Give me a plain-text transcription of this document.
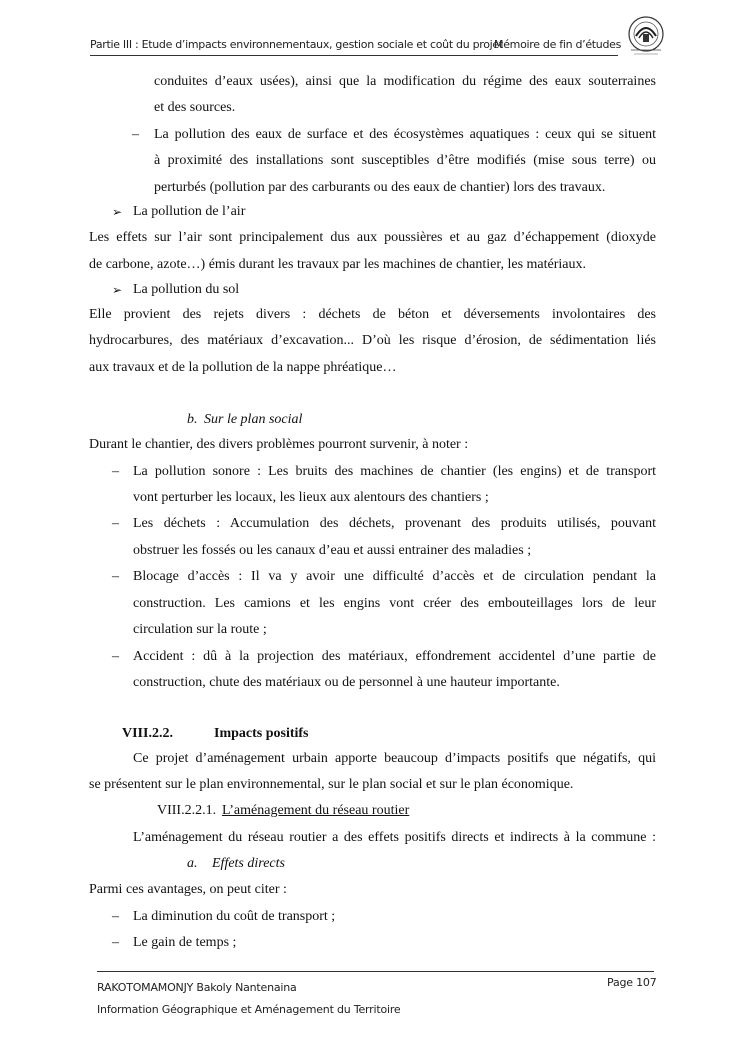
Partie III : Etude d’impacts environnementaux, gestion sociale et coût du projet
Mémoire de fin d’études
conduites d’eaux usées), ainsi que la modification du régime des eaux souterraines
et des sources.
– La pollution des eaux de surface et des écosystèmes aquatiques : ceux qui se situent
à proximité des installations sont susceptibles d’être modifiés (mise sous terre) ou
perturbés (pollution par des carburants ou des eaux de chantier) lors des travaux.
➢ La pollution de l’air
Les effets sur l’air sont principalement dus aux poussières et au gaz d’échappement (dioxyde
de carbone, azote…) émis durant les travaux par les machines de chantier, les matériaux.
➢ La pollution du sol
Elle provient des rejets divers : déchets de béton et déversements involontaires des
hydrocarbures, des matériaux d’excavation... D’où les risque d’érosion, de sédimentation liés
aux travaux et de la pollution de la nappe phréatique…
b. Sur le plan social
Durant le chantier, des divers problèmes pourront survenir, à noter :
– La pollution sonore : Les bruits des machines de chantier (les engins) et de transport
vont perturber les locaux, les lieux aux alentours des chantiers ;
– Les déchets : Accumulation des déchets, provenant des produits utilisés, pouvant
obstruer les fossés ou les canaux d’eau et aussi entrainer des maladies ;
– Blocage d’accès : Il va y avoir une difficulté d’accès et de circulation pendant la
construction. Les camions et les engins vont créer des embouteillages lors de leur
circulation sur la route ;
– Accident : dû à la projection des matériaux, effondrement accidentel d’une partie de
construction, chute des matériaux ou de personnel à une hauteur importante.
VIII.2.2.	Impacts positifs
Ce projet d’aménagement urbain apporte beaucoup d’impacts positifs que négatifs, qui
se présentent sur le plan environnemental, sur le plan social et sur le plan économique.
VIII.2.2.1. L’aménagement du réseau routier
L’aménagement du réseau routier a des effets positifs directs et indirects à la commune :
a. Effets directs
Parmi ces avantages, on peut citer :
– La diminution du coût de transport ;
– Le gain de temps ;
RAKOTOMAMONJY Bakoly Nantenaina	Page 107
Information Géographique et Aménagement du Territoire
